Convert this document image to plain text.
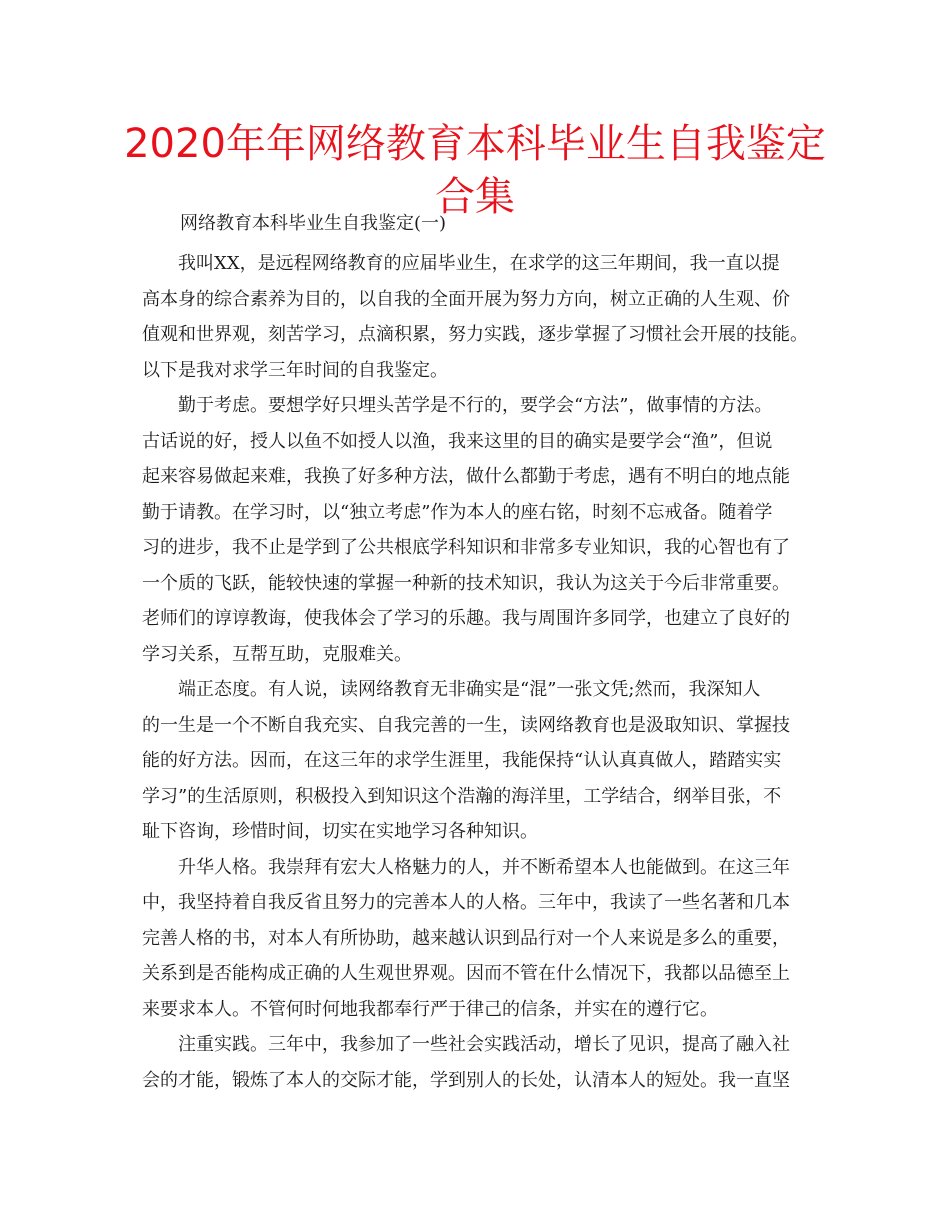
2020年年网络教育本科毕业生自我鉴定合集

网络教育本科毕业生自我鉴定(一)

我叫XX，是远程网络教育的应届毕业生，在求学的这三年期间，我一直以提
高本身的综合素养为目的，以自我的全面开展为努力方向，树立正确的人生观、价
值观和世界观，刻苦学习，点滴积累，努力实践，逐步掌握了习惯社会开展的技能。
以下是我对求学三年时间的自我鉴定。
勤于考虑。要想学好只埋头苦学是不行的，要学会“方法”，做事情的方法。
古话说的好，授人以鱼不如授人以渔，我来这里的目的确实是要学会“渔”，但说
起来容易做起来难，我换了好多种方法，做什么都勤于考虑，遇有不明白的地点能
勤于请教。在学习时，以“独立考虑”作为本人的座右铭，时刻不忘戒备。随着学
习的进步，我不止是学到了公共根底学科知识和非常多专业知识，我的心智也有了
一个质的飞跃，能较快速的掌握一种新的技术知识，我认为这关于今后非常重要。
老师们的谆谆教诲，使我体会了学习的乐趣。我与周围许多同学，也建立了良好的
学习关系，互帮互助，克服难关。
端正态度。有人说，读网络教育无非确实是“混”一张文凭;然而，我深知人
的一生是一个不断自我充实、自我完善的一生，读网络教育也是汲取知识、掌握技
能的好方法。因而，在这三年的求学生涯里，我能保持“认认真真做人，踏踏实实
学习”的生活原则，积极投入到知识这个浩瀚的海洋里，工学结合，纲举目张，不
耻下咨询，珍惜时间，切实在实地学习各种知识。
升华人格。我崇拜有宏大人格魅力的人，并不断希望本人也能做到。在这三年
中，我坚持着自我反省且努力的完善本人的人格。三年中，我读了一些名著和几本
完善人格的书，对本人有所协助，越来越认识到品行对一个人来说是多么的重要，
关系到是否能构成正确的人生观世界观。因而不管在什么情况下，我都以品德至上
来要求本人。不管何时何地我都奉行严于律己的信条，并实在的遵行它。
注重实践。三年中，我参加了一些社会实践活动，增长了见识，提高了融入社
会的才能，锻炼了本人的交际才能，学到别人的长处，认清本人的短处。我一直坚
